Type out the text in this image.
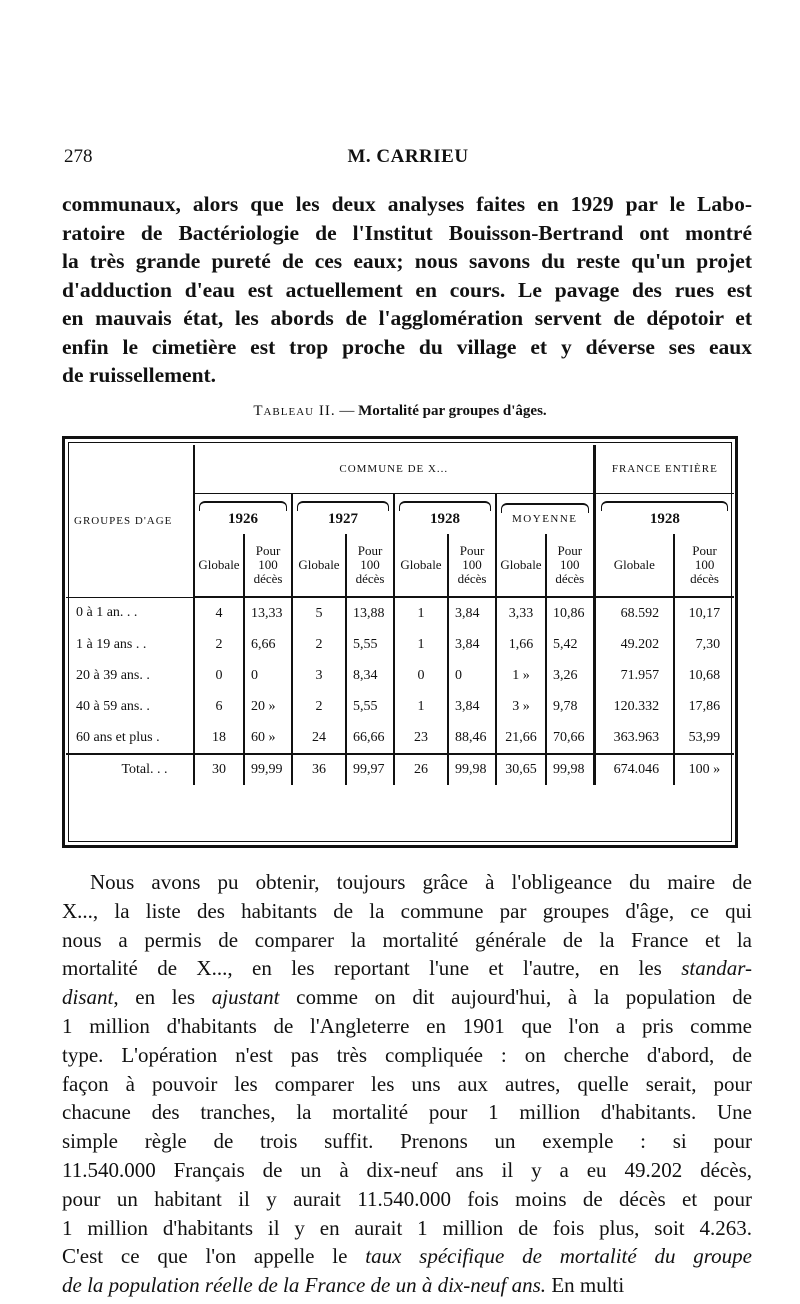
278	M. CARRIEU
communaux, alors que les deux analyses faites en 1929 par le Labo-
ratoire de Bactériologie de l'Institut Bouisson-Bertrand ont montré
la très grande pureté de ces eaux; nous savons du reste qu'un projet
d'adduction d'eau est actuellement en cours. Le pavage des rues est
en mauvais état, les abords de l'agglomération servent de dépotoir et
enfin le cimetière est trop proche du village et y déverse ses eaux
de ruissellement.
Tableau II. — Mortalité par groupes d'âges.
GROUPES D'AGE	COMMUNE DE X...								FRANCE ENTIÈRE	

1926		1927		1928		MOYENNE		1928	
	Globale	Pour
100
décès	Globale	Pour
100
décès	Globale	Pour
100
décès	Globale	Pour
100
décès	Globale	Pour
100
décès

0 à 1 an. . .	4	13,33	5	13,88	1	3,84	3,33	10,86	68.592	10,17
1 à 19 ans . .	2	6,66	2	5,55	1	3,84	1,66	5,42	49.202	7,30
20 à 39 ans. .	0	0	3	8,34	0	0	1 »	3,26	71.957	10,68
40 à 59 ans. .	6	20 »	2	5,55	1	3,84	3 »	9,78	120.332	17,86
60 ans et plus .	18	60 »	24	66,66	23	88,46	21,66	70,66	363.963	53,99
Total. . .	30	99,99	36	99,97	26	99,98	30,65	99,98	674.046	100 »
Nous avons pu obtenir, toujours grâce à l'obligeance du maire de
X..., la liste des habitants de la commune par groupes d'âge, ce qui
nous a permis de comparer la mortalité générale de la France et la
mortalité de X..., en les reportant l'une et l'autre, en les standar-
disant, en les ajustant comme on dit aujourd'hui, à la population de
1 million d'habitants de l'Angleterre en 1901 que l'on a pris comme
type. L'opération n'est pas très compliquée : on cherche d'abord, de
façon à pouvoir les comparer les uns aux autres, quelle serait, pour
chacune des tranches, la mortalité pour 1 million d'habitants. Une
simple règle de trois suffit. Prenons un exemple : si pour
11.540.000 Français de un à dix-neuf ans il y a eu 49.202 décès,
pour un habitant il y aurait 11.540.000 fois moins de décès et pour
1 million d'habitants il y en aurait 1 million de fois plus, soit 4.263.
C'est ce que l'on appelle le taux spécifique de mortalité du groupe
de la population réelle de la France de un à dix-neuf ans. En multi
